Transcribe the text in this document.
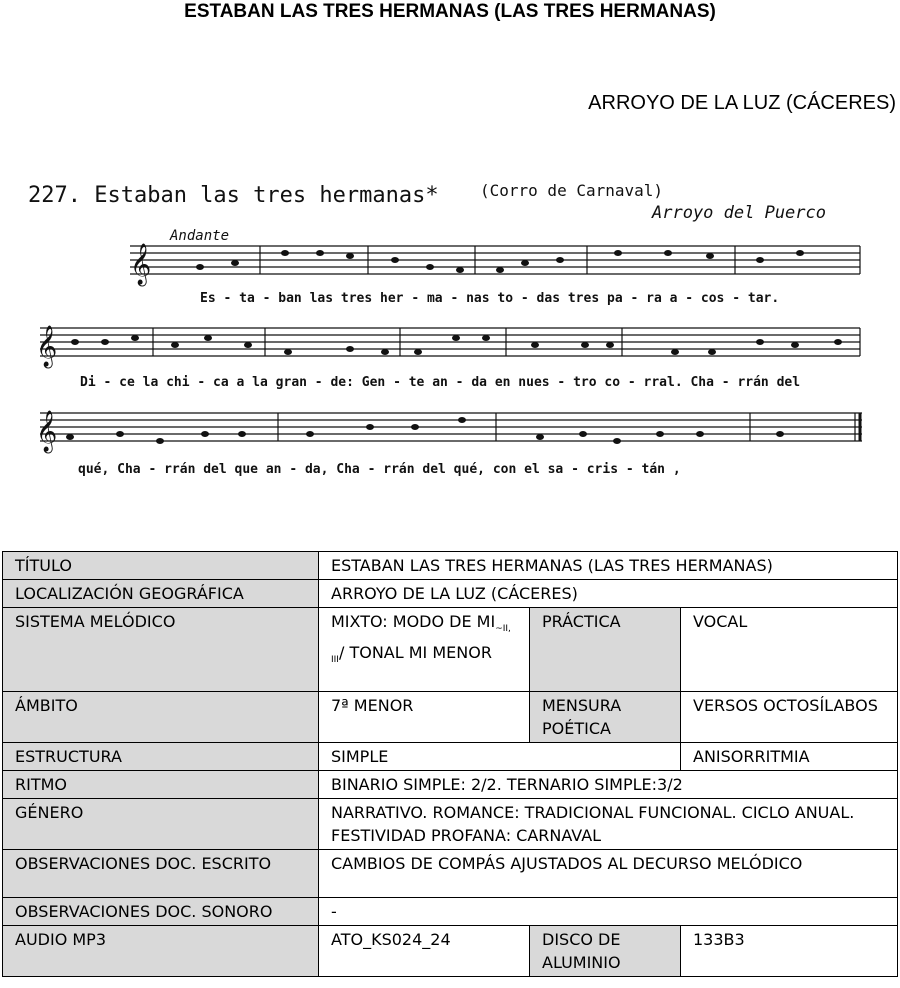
ESTABAN LAS TRES HERMANAS (LAS TRES HERMANAS)
ARROYO DE LA LUZ (CÁCERES)
227. Estaban las tres hermanas*	(Corro de Carnaval)
Arroyo del Puerco
Andante
𝄞
Es - ta - ban las tres her - ma - nas to - das tres pa - ra a - cos - tar.
𝄞
Di - ce la chi - ca a la gran - de: Gen - te an - da en nues - tro co - rral. Cha - rrán del
𝄞
qué, Cha - rrán del que an - da, Cha - rrán del qué, con el sa - cris - tán ,
TÍTULO	ESTABAN LAS TRES HERMANAS (LAS TRES HERMANAS)		
LOCALIZACIÓN GEOGRÁFICA	ARROYO DE LA LUZ (CÁCERES)		
SISTEMA MELÓDICO	MIXTO: MODO DE $MI_{\sim II, III}/$ TONAL MI MENOR	PRÁCTICA	VOCAL
ÁMBITO	7ª MENOR	MENSURA POÉTICA	VERSOS OCTOSÍLABOS
ESTRUCTURA	SIMPLE		ANISORRITMIA
RITMO	BINARIO SIMPLE: 2/2. TERNARIO SIMPLE:3/2		
GÉNERO	NARRATIVO. ROMANCE: TRADICIONAL FUNCIONAL. CICLO ANUAL. FESTIVIDAD PROFANA: CARNAVAL		
OBSERVACIONES DOC. ESCRITO	CAMBIOS DE COMPÁS AJUSTADOS AL DECURSO MELÓDICO		
OBSERVACIONES DOC. SONORO	-		
AUDIO MP3	ATO_KS024_24	DISCO DE ALUMINIO	133B3
